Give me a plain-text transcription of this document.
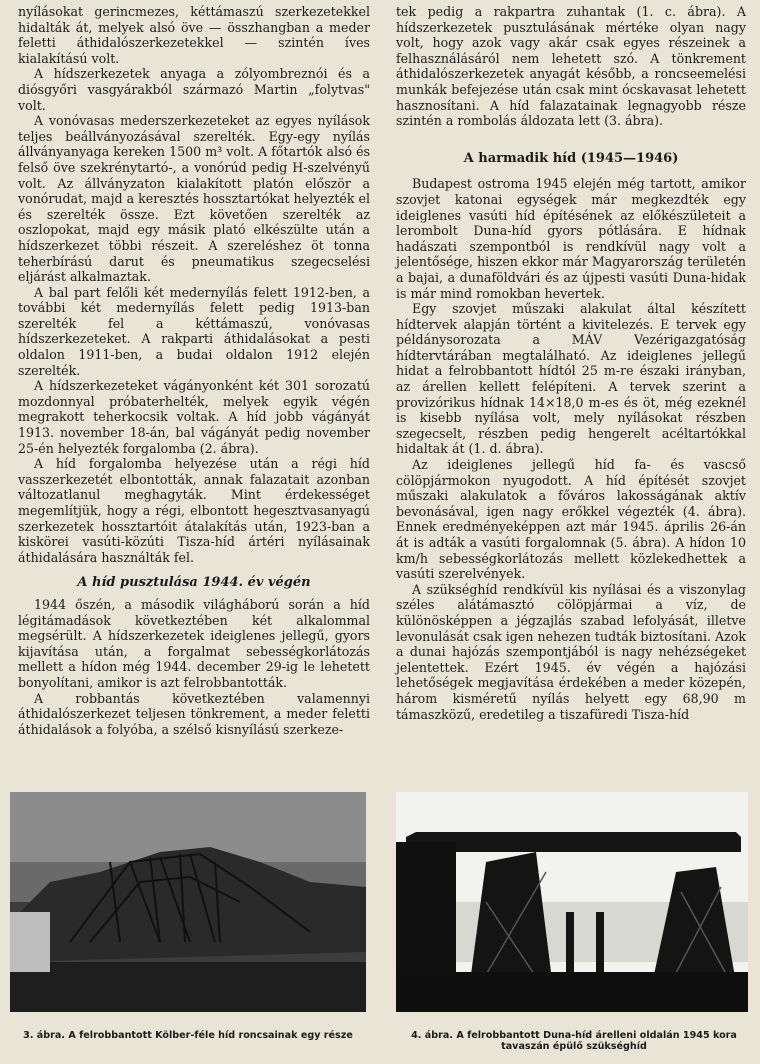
nyílásokat gerincmezes, kéttámaszú szerkezetekkel hidalták át, melyek alsó öve — összhangban a meder feletti áthidalószerkezetekkel — szintén íves kialakítású volt.

A hídszerkezetek anyaga a zólyombreznói és a diósgyőri vasgyárakból származó Martin „folytvas" volt.

A vonóvasas mederszerkezeteket az egyes nyílások teljes beállványozásával szerelték. Egy-egy nyílás állványanyaga kereken 1500 m³ volt. A főtartók alsó és felső öve szekrénytartó-, a vonórúd pedig H-szelvényű volt. Az állványzaton kialakított platón először a vonórudat, majd a keresztés hossztartókat helyezték el és szerelték össze. Ezt követően szerelték az oszlopokat, majd egy másik plató elkészülte után a hídszerkezet többi részeit. A szereléshez öt tonna teherbírású darut és pneumatikus szegecselési eljárást alkalmaztak.

A bal part felőli két medernyílás felett 1912-ben, a további két medernyílás felett pedig 1913-ban szerelték fel a kéttámaszú, vonóvasas hídszerkezeteket. A rakparti áthidalásokat a pesti oldalon 1911-ben, a budai oldalon 1912 elején szerelték.

A hídszerkezeteket vágányonként két 301 sorozatú mozdonnyal próbaterhelték, melyek egyik végén megrakott teherkocsik voltak. A híd jobb vágányát 1913. november 18-án, bal vágányát pedig november 25-én helyezték forgalomba (2. ábra).

A híd forgalomba helyezése után a régi híd vasszerkezetét elbontották, annak falazatait azonban változatlanul meghagyták. Mint érdekességet megemlítjük, hogy a régi, elbontott hegesztvasanyagú szerkezetek hossztartóit átalakítás után, 1923-ban a kiskörei vasúti-közúti Tisza-híd ártéri nyílásainak áthidalására használták fel.

A híd pusztulása 1944. év végén

1944 őszén, a második világháború során a híd légitámadások következtében két alkalommal megsérült. A hídszerkezetek ideiglenes jellegű, gyors kijavítása után, a forgalmat sebességkorlátozás mellett a hídon még 1944. december 29-ig le lehetett bonyolítani, amikor is azt felrobbantották.

A robbantás következtében valamennyi áthidalószerkezet teljesen tönkrement, a meder feletti áthidalások a folyóba, a szélső kisnyílású szerkeze-

tek pedig a rakpartra zuhantak (1. c. ábra). A hídszerkezetek pusztulásának mértéke olyan nagy volt, hogy azok vagy akár csak egyes részeinek a felhasználásáról nem lehetett szó. A tönkrement áthidalószerkezetek anyagát később, a roncseemelési munkák befejezése után csak mint ócskavasat lehetett hasznosítani. A híd falazatainak legnagyobb része szintén a rombolás áldozata lett (3. ábra).

A harmadik híd (1945—1946)

Budapest ostroma 1945 elején még tartott, amikor szovjet katonai egységek már megkezdték egy ideiglenes vasúti híd építésének az előkészületeit a lerombolt Duna-híd gyors pótlására. E hídnak hadászati szempontból is rendkívül nagy volt a jelentősége, hiszen ekkor már Magyarország területén a bajai, a dunaföldvári és az újpesti vasúti Duna-hidak is már mind romokban hevertek.

Egy szovjet műszaki alakulat által készített hídtervek alapján történt a kivitelezés. E tervek egy példánysorozata a MÁV Vezérigazgatóság hídtervtárában megtalálható. Az ideiglenes jellegű hidat a felrobbantott hídtól 25 m-re északi irányban, az árellen kellett felépíteni. A tervek szerint a provizórikus hídnak 14×18,0 m-es és öt, még ezeknél is kisebb nyílása volt, mely nyílásokat részben szegecselt, részben pedig hengerelt acéltartókkal hidaltak át (1. d. ábra).

Az ideiglenes jellegű híd fa- és vascső cölöpjármokon nyugodott. A híd építését szovjet műszaki alakulatok a főváros lakosságának aktív bevonásával, igen nagy erőkkel végezték (4. ábra). Ennek eredményeképpen azt már 1945. április 26-án át is adták a vasúti forgalomnak (5. ábra). A hídon 10 km/h sebességkorlátozás mellett közlekedhettek a vasúti szerelvények.

A szükséghíd rendkívül kis nyílásai és a viszonylag széles alátámasztó cölöpjármai a víz, de különösképpen a jégzajlás szabad lefolyását, illetve levonulását csak igen nehezen tudták biztosítani. Azok a dunai hajózás szempontjából is nagy nehézségeket jelentettek. Ezért 1945. év végén a hajózási lehetőségek megjavítása érdekében a meder közepén, három kisméretű nyílás helyett egy 68,90 m támaszközű, eredetileg a tiszafüredi Tisza-híd

3. ábra. A felrobbantott Kölber-féle híd roncsainak egy része	4. ábra. A felrobbantott Duna-híd árelleni oldalán 1945 kora tavaszán épülő szükséghíd
